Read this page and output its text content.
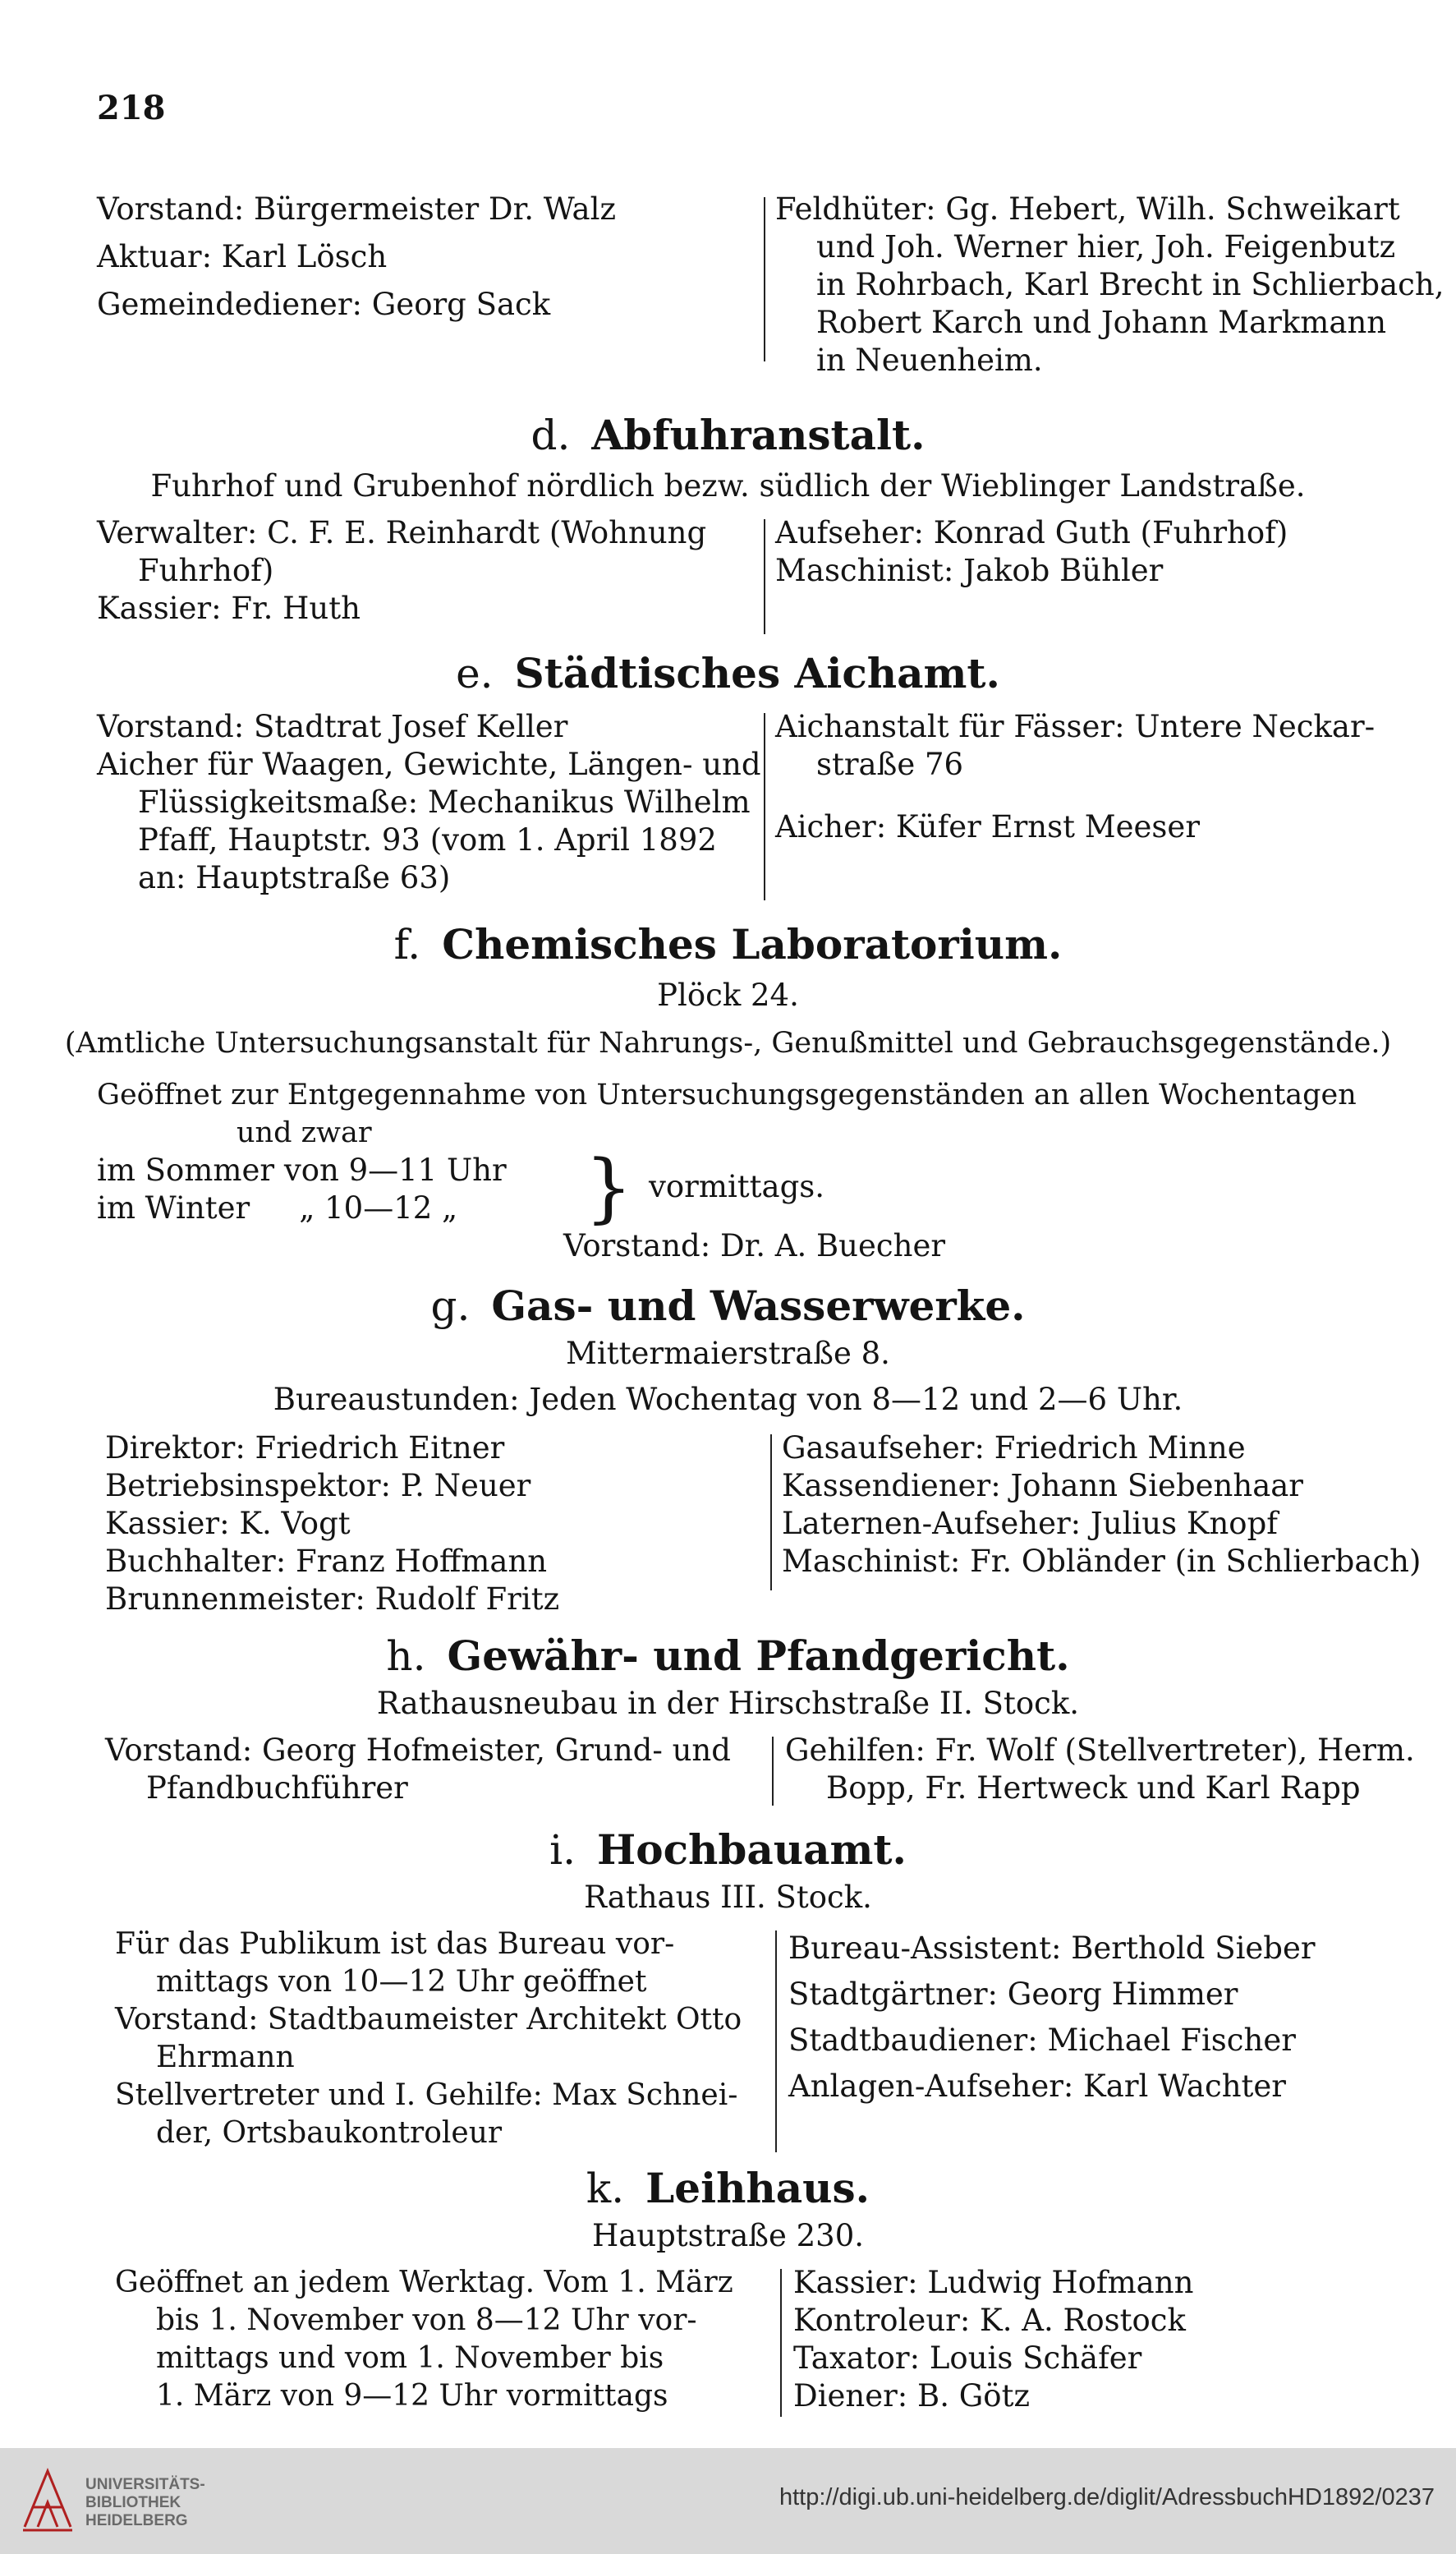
218
Vorstand: Bürgermeister Dr. Walz
Aktuar: Karl Lösch
Gemeindediener: Georg Sack
Feldhüter: Gg. Hebert, Wilh. Schweikart
und Joh. Werner hier, Joh. Feigenbutz
in Rohrbach, Karl Brecht in Schlierbach,
Robert Karch und Johann Markmann
in Neuenheim.
d. Abfuhranstalt.
Fuhrhof und Grubenhof nördlich bezw. südlich der Wieblinger Landstraße.
Verwalter: C. F. E. Reinhardt (Wohnung
Fuhrhof)
Kassier: Fr. Huth
Aufseher: Konrad Guth (Fuhrhof)
Maschinist: Jakob Bühler
e. Städtisches Aichamt.
Vorstand: Stadtrat Josef Keller
Aicher für Waagen, Gewichte, Längen- und
Flüssigkeitsmaße: Mechanikus Wilhelm
Pfaff, Hauptstr. 93 (vom 1. April 1892
an: Hauptstraße 63)
Aichanstalt für Fässer: Untere Neckar-
straße 76
Aicher: Küfer Ernst Meeser
f. Chemisches Laboratorium.
Plöck 24.
(Amtliche Untersuchungsanstalt für Nahrungs-, Genußmittel und Gebrauchsgegenstände.)
Geöffnet zur Entgegennahme von Untersuchungsgegenständen an allen Wochentagen
und zwar
im Sommer von 9—11 Uhr
im Winter „ 10—12 „	} vormittags.
Vorstand: Dr. A. Buecher
g. Gas- und Wasserwerke.
Mittermaierstraße 8.
Bureaustunden: Jeden Wochentag von 8—12 und 2—6 Uhr.
Direktor: Friedrich Eitner
Betriebsinspektor: P. Neuer
Kassier: K. Vogt
Buchhalter: Franz Hoffmann
Brunnenmeister: Rudolf Fritz
Gasaufseher: Friedrich Minne
Kassendiener: Johann Siebenhaar
Laternen-Aufseher: Julius Knopf
Maschinist: Fr. Obländer (in Schlierbach)
h. Gewähr- und Pfandgericht.
Rathausneubau in der Hirschstraße II. Stock.
Vorstand: Georg Hofmeister, Grund- und
Pfandbuchführer
Gehilfen: Fr. Wolf (Stellvertreter), Herm.
Bopp, Fr. Hertweck und Karl Rapp
i. Hochbauamt.
Rathaus III. Stock.
Für das Publikum ist das Bureau vor-
mittags von 10—12 Uhr geöffnet
Vorstand: Stadtbaumeister Architekt Otto
Ehrmann
Stellvertreter und I. Gehilfe: Max Schnei-
der, Ortsbaukontroleur
Bureau-Assistent: Berthold Sieber
Stadtgärtner: Georg Himmer
Stadtbaudiener: Michael Fischer
Anlagen-Aufseher: Karl Wachter
k. Leihhaus.
Hauptstraße 230.
Geöffnet an jedem Werktag. Vom 1. März
bis 1. November von 8—12 Uhr vor-
mittags und vom 1. November bis
1. März von 9—12 Uhr vormittags
Kassier: Ludwig Hofmann
Kontroleur: K. A. Rostock
Taxator: Louis Schäfer
Diener: B. Götz
UNIVERSITÄTS-
BIBLIOTHEK
HEIDELBERG
http://digi.ub.uni-heidelberg.de/diglit/AdressbuchHD1892/0237
